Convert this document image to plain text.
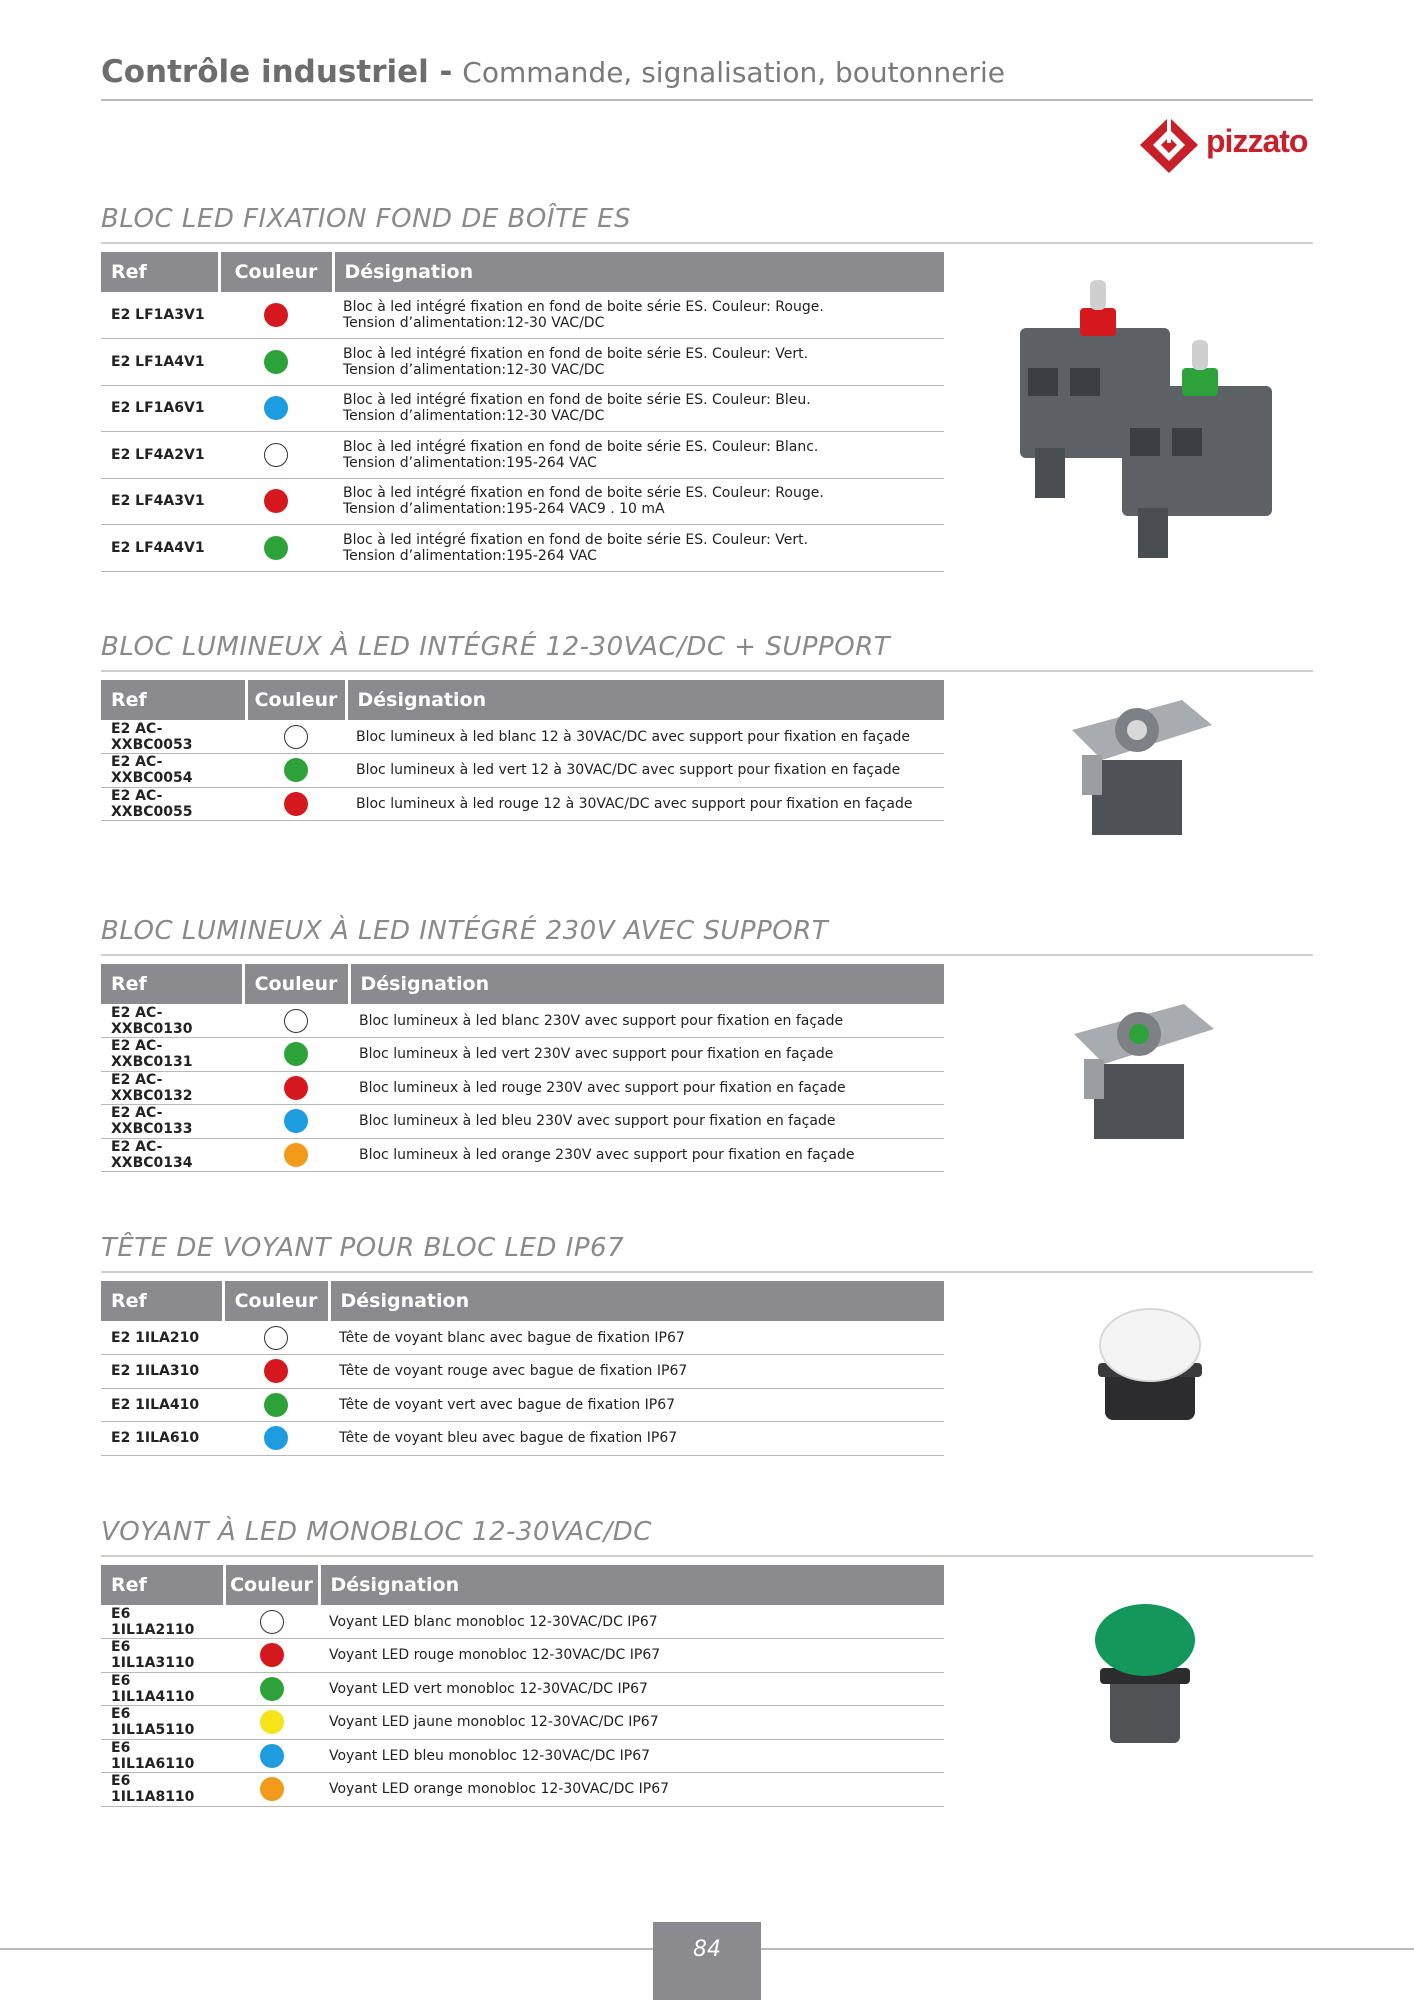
Contrôle industriel - Commande, signalisation, boutonnerie
pizzato
BLOC LED FIXATION FOND DE BOÎTE ES
Ref	Couleur	Désignation
E2 LF1A3V1		Bloc à led intégré fixation en fond de boite série ES. Couleur: Rouge.
Tension d’alimentation:12-30 VAC/DC

E2 LF1A4V1		Bloc à led intégré fixation en fond de boite série ES. Couleur: Vert.
Tension d’alimentation:12-30 VAC/DC

E2 LF1A6V1		Bloc à led intégré fixation en fond de boite série ES. Couleur: Bleu.
Tension d’alimentation:12-30 VAC/DC

E2 LF4A2V1		Bloc à led intégré fixation en fond de boite série ES. Couleur: Blanc.
Tension d’alimentation:195-264 VAC

E2 LF4A3V1		Bloc à led intégré fixation en fond de boite série ES. Couleur: Rouge.
Tension d’alimentation:195-264 VAC9 . 10 mA

E2 LF4A4V1		Bloc à led intégré fixation en fond de boite série ES. Couleur: Vert.
Tension d’alimentation:195-264 VAC
BLOC LUMINEUX À LED INTÉGRÉ 12-30VAC/DC + SUPPORT
Ref	Couleur	Désignation
E2 AC-XXBC0053		Bloc lumineux à led blanc 12 à 30VAC/DC avec support pour fixation en façade

E2 AC-XXBC0054		Bloc lumineux à led vert 12 à 30VAC/DC avec support pour fixation en façade

E2 AC-XXBC0055		Bloc lumineux à led rouge 12 à 30VAC/DC avec support pour fixation en façade
BLOC LUMINEUX À LED INTÉGRÉ 230V AVEC SUPPORT
Ref	Couleur	Désignation
E2 AC-XXBC0130		Bloc lumineux à led blanc 230V avec support pour fixation en façade

E2 AC-XXBC0131		Bloc lumineux à led vert 230V avec support pour fixation en façade

E2 AC-XXBC0132		Bloc lumineux à led rouge 230V avec support pour fixation en façade

E2 AC-XXBC0133		Bloc lumineux à led bleu 230V avec support pour fixation en façade

E2 AC-XXBC0134		Bloc lumineux à led orange 230V avec support pour fixation en façade
TÊTE DE VOYANT POUR BLOC LED IP67
Ref	Couleur	Désignation
E2 1ILA210		Tête de voyant blanc avec bague de fixation IP67

E2 1ILA310		Tête de voyant rouge avec bague de fixation IP67

E2 1ILA410		Tête de voyant vert avec bague de fixation IP67

E2 1ILA610		Tête de voyant bleu avec bague de fixation IP67
VOYANT À LED MONOBLOC 12-30VAC/DC
Ref	Couleur	Désignation
E6 1IL1A2110		Voyant LED blanc monobloc 12-30VAC/DC IP67

E6 1IL1A3110		Voyant LED rouge monobloc 12-30VAC/DC IP67

E6 1IL1A4110		Voyant LED vert monobloc 12-30VAC/DC IP67

E6 1IL1A5110		Voyant LED jaune monobloc 12-30VAC/DC IP67

E6 1IL1A6110		Voyant LED bleu monobloc 12-30VAC/DC IP67

E6 1IL1A8110		Voyant LED orange monobloc 12-30VAC/DC IP67
84
